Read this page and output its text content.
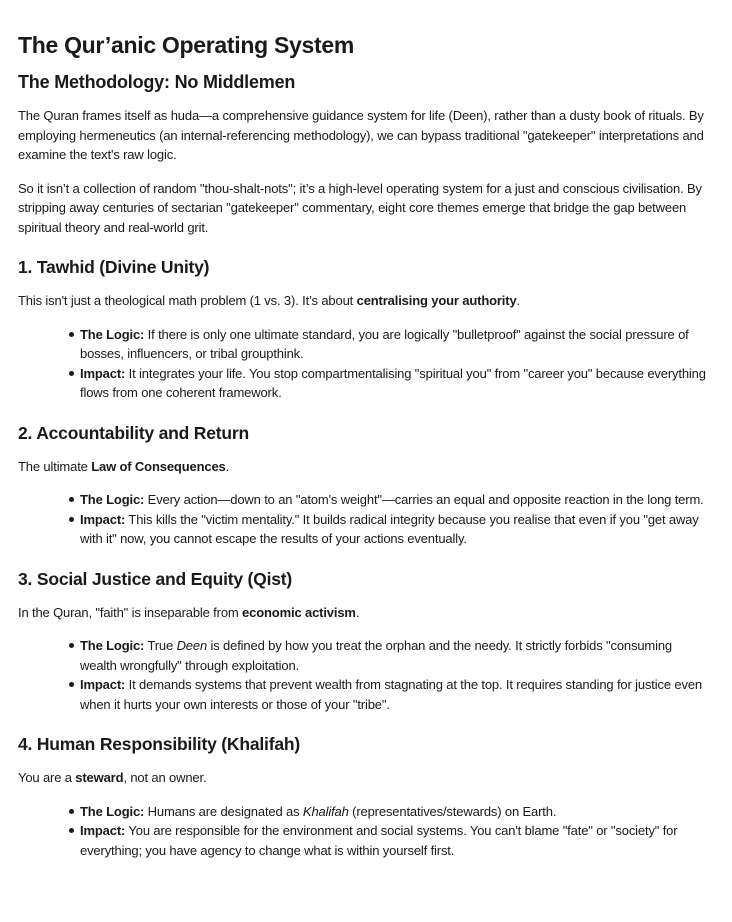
The Qur’anic Operating System
The Methodology: No Middlemen

The Quran frames itself as huda—a comprehensive guidance system for life (Deen), rather than a dusty book of rituals. By employing hermeneutics (an internal-referencing methodology), we can bypass traditional "gatekeeper" interpretations and examine the text's raw logic.

So it isn’t a collection of random "thou-shalt-nots"; it’s a high-level operating system for a just and conscious civilisation. By stripping away centuries of sectarian "gatekeeper" commentary, eight core themes emerge that bridge the gap between spiritual theory and real-world grit.

1. Tawhid (Divine Unity)

This isn't just a theological math problem (1 vs. 3). It’s about centralising your authority.

The Logic: If there is only one ultimate standard, you are logically "bulletproof" against the social pressure of bosses, influencers, or tribal groupthink.
Impact: It integrates your life. You stop compartmentalising "spiritual you" from "career you" because everything flows from one coherent framework.
2. Accountability and Return

The ultimate Law of Consequences.

The Logic: Every action—down to an "atom's weight"—carries an equal and opposite reaction in the long term.
Impact: This kills the "victim mentality." It builds radical integrity because you realise that even if you "get away with it" now, you cannot escape the results of your actions eventually.
3. Social Justice and Equity (Qist)

In the Quran, "faith" is inseparable from economic activism.

The Logic: True Deen is defined by how you treat the orphan and the needy. It strictly forbids "consuming wealth wrongfully" through exploitation.
Impact: It demands systems that prevent wealth from stagnating at the top. It requires standing for justice even when it hurts your own interests or those of your "tribe".
4. Human Responsibility (Khalifah)

You are a steward, not an owner.

The Logic: Humans are designated as Khalifah (representatives/stewards) on Earth.
Impact: You are responsible for the environment and social systems. You can't blame "fate" or "society" for everything; you have agency to change what is within yourself first.
